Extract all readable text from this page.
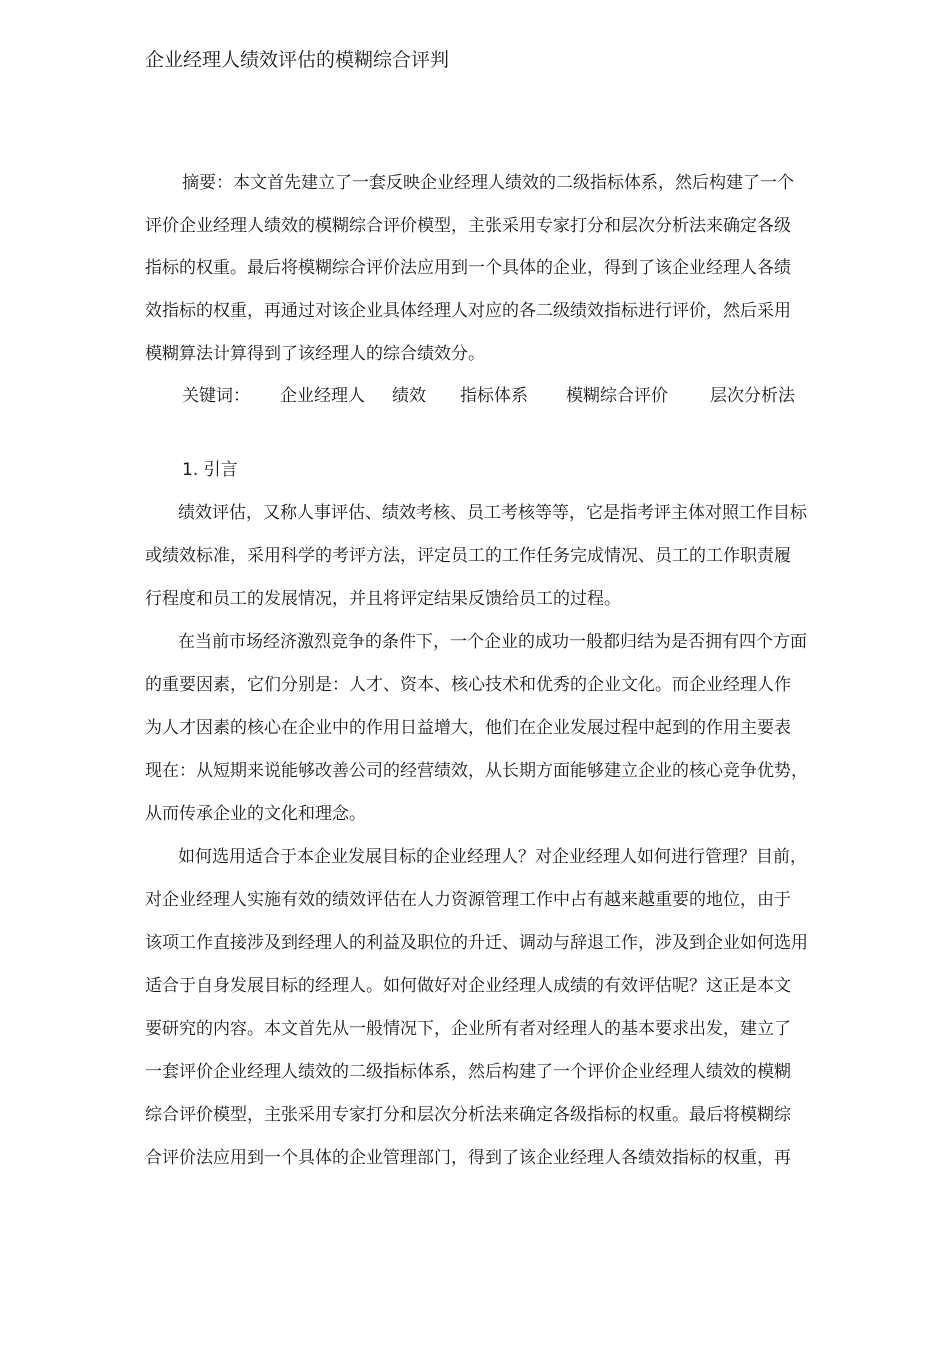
企业经理人绩效评估的模糊综合评判
摘要：本文首先建立了一套反映企业经理人绩效的二级指标体系，然后构建了一个
评价企业经理人绩效的模糊综合评价模型，主张采用专家打分和层次分析法来确定各级
指标的权重。最后将模糊综合评价法应用到一个具体的企业，得到了该企业经理人各绩
效指标的权重，再通过对该企业具体经理人对应的各二级绩效指标进行评价，然后采用
模糊算法计算得到了该经理人的综合绩效分。
关键词： 企业经理人 绩效 指标体系 模糊综合评价 层次分析法
1. 引言
绩效评估，又称人事评估、绩效考核、员工考核等等，它是指考评主体对照工作目标
或绩效标准，采用科学的考评方法，评定员工的工作任务完成情况、员工的工作职责履
行程度和员工的发展情况，并且将评定结果反馈给员工的过程。
在当前市场经济激烈竞争的条件下，一个企业的成功一般都归结为是否拥有四个方面
的重要因素，它们分别是：人才、资本、核心技术和优秀的企业文化。而企业经理人作
为人才因素的核心在企业中的作用日益增大，他们在企业发展过程中起到的作用主要表
现在：从短期来说能够改善公司的经营绩效，从长期方面能够建立企业的核心竞争优势，
从而传承企业的文化和理念。
如何选用适合于本企业发展目标的企业经理人？对企业经理人如何进行管理？目前，
对企业经理人实施有效的绩效评估在人力资源管理工作中占有越来越重要的地位，由于
该项工作直接涉及到经理人的利益及职位的升迁、调动与辞退工作，涉及到企业如何选用
适合于自身发展目标的经理人。如何做好对企业经理人成绩的有效评估呢？这正是本文
要研究的内容。本文首先从一般情况下，企业所有者对经理人的基本要求出发，建立了
一套评价企业经理人绩效的二级指标体系，然后构建了一个评价企业经理人绩效的模糊
综合评价模型，主张采用专家打分和层次分析法来确定各级指标的权重。最后将模糊综
合评价法应用到一个具体的企业管理部门，得到了该企业经理人各绩效指标的权重，再
